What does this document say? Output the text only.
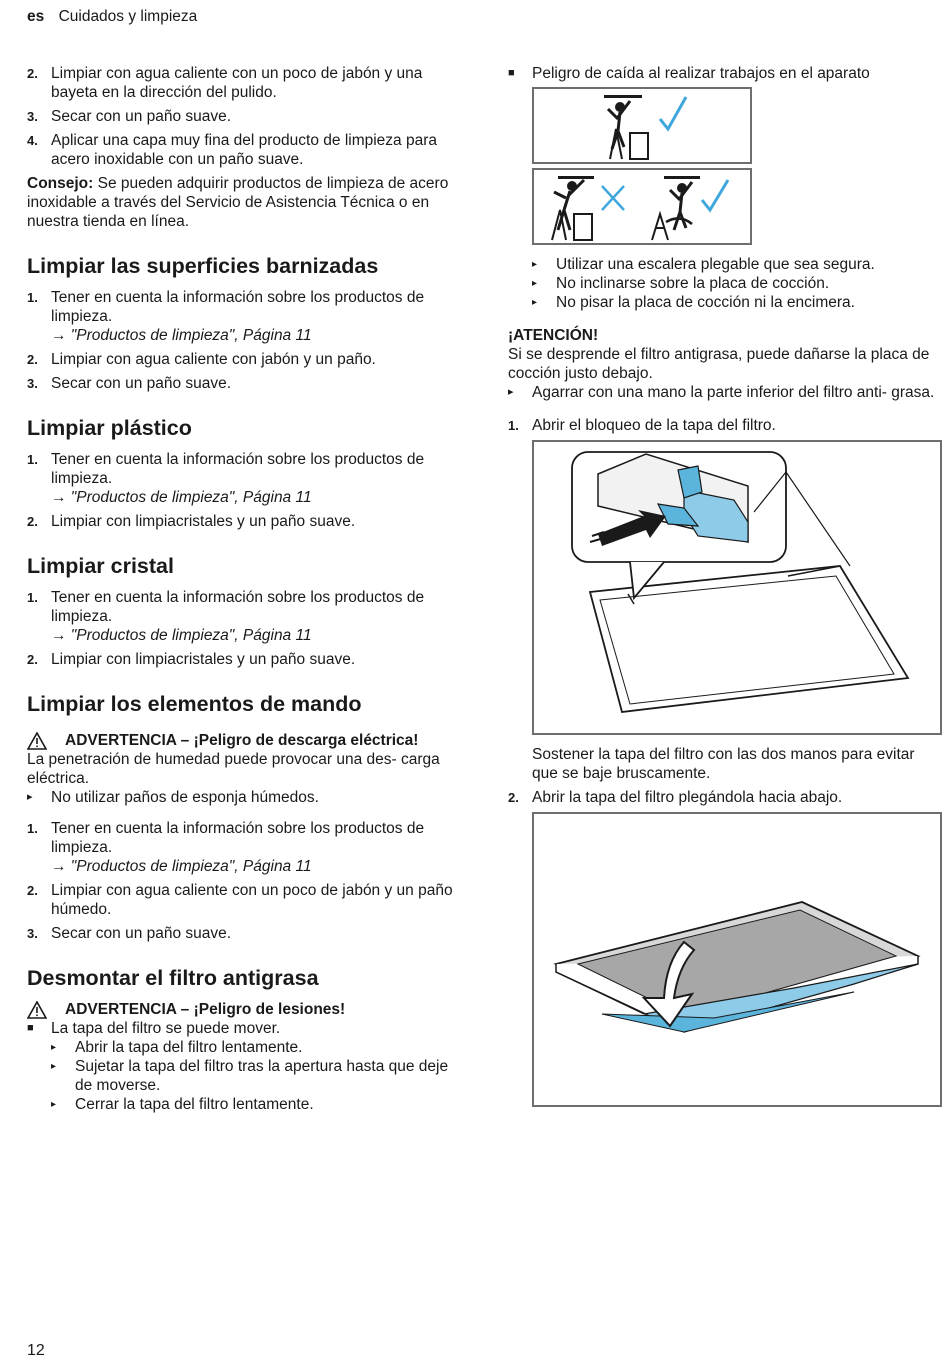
es Cuidados y limpieza
2. Limpiar con agua caliente con un poco de jabón y una bayeta en la dirección del pulido.
3. Secar con un paño suave.
4. Aplicar una capa muy fina del producto de limpieza para acero inoxidable con un paño suave.

Consejo: Se pueden adquirir productos de limpieza de acero inoxidable a través del Servicio de Asistencia Técnica o en nuestra tienda en línea.

Limpiar las superficies barnizadas
1. Tener en cuenta la información sobre los productos de limpieza.
→ "Productos de limpieza", Página 11
2. Limpiar con agua caliente con jabón y un paño.
3. Secar con un paño suave.
Limpiar plástico
1. Tener en cuenta la información sobre los productos de limpieza.
→ "Productos de limpieza", Página 11
2. Limpiar con limpiacristales y un paño suave.
Limpiar cristal
1. Tener en cuenta la información sobre los productos de limpieza.
→ "Productos de limpieza", Página 11
2. Limpiar con limpiacristales y un paño suave.
Limpiar los elementos de mando
ADVERTENCIA – ¡Peligro de descarga eléctrica!

La penetración de humedad puede provocar una des- carga eléctrica.

▸	No utilizar paños de esponja húmedos.
1. Tener en cuenta la información sobre los productos de limpieza.
→ "Productos de limpieza", Página 11
2. Limpiar con agua caliente con un poco de jabón y un paño húmedo.
3. Secar con un paño suave.
Desmontar el filtro antigrasa
ADVERTENCIA – ¡Peligro de lesiones!
■	La tapa del filtro se puede mover.
▸	Abrir la tapa del filtro lentamente.
▸	Sujetar la tapa del filtro tras la apertura hasta que deje de moverse.
▸	Cerrar la tapa del filtro lentamente.
■	Peligro de caída al realizar trabajos en el aparato
▸	Utilizar una escalera plegable que sea segura.
▸	No inclinarse sobre la placa de cocción.
▸	No pisar la placa de cocción ni la encimera.
¡ATENCIÓN!

Si se desprende el filtro antigrasa, puede dañarse la placa de cocción justo debajo.

▸	Agarrar con una mano la parte inferior del filtro anti- grasa.
1. Abrir el bloqueo de la tapa del filtro.

Sostener la tapa del filtro con las dos manos para evitar que se baje bruscamente.

2. Abrir la tapa del filtro plegándola hacia abajo.
12
